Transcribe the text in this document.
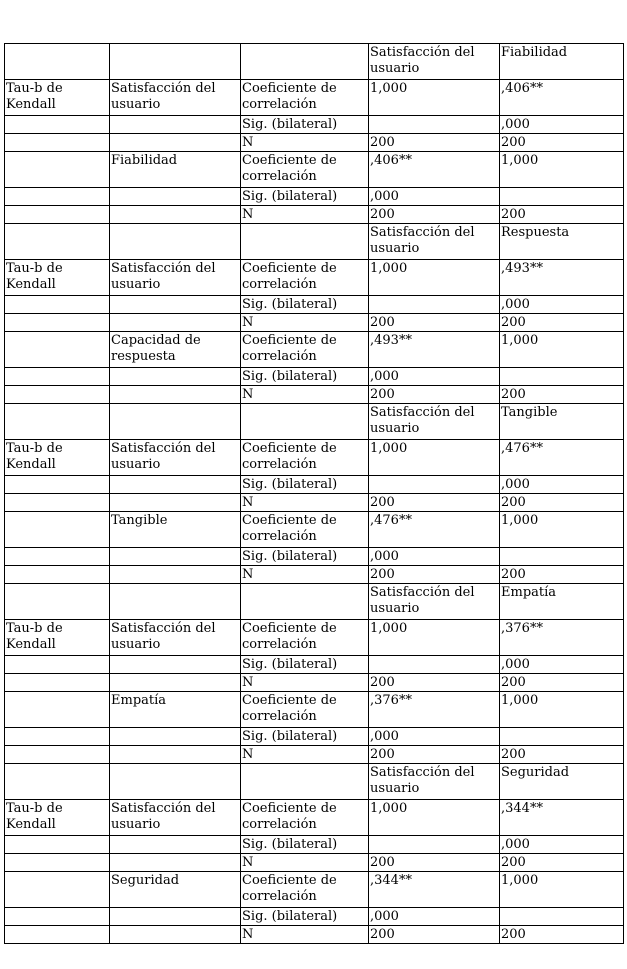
			Satisfacción del usuario	Fiabilidad
Tau-b de Kendall	Satisfacción del usuario	Coeficiente de correlación	1,000	,406**
		Sig. (bilateral)		,000
		N	200	200
	Fiabilidad	Coeficiente de correlación	,406**	1,000
		Sig. (bilateral)	,000	
		N	200	200
			Satisfacción del usuario	Respuesta
Tau-b de Kendall	Satisfacción del usuario	Coeficiente de correlación	1,000	,493**
		Sig. (bilateral)		,000
		N	200	200
	Capacidad de respuesta	Coeficiente de correlación	,493**	1,000
		Sig. (bilateral)	,000	
		N	200	200
			Satisfacción del usuario	Tangible
Tau-b de Kendall	Satisfacción del usuario	Coeficiente de correlación	1,000	,476**
		Sig. (bilateral)		,000
		N	200	200
	Tangible	Coeficiente de correlación	,476**	1,000
		Sig. (bilateral)	,000	
		N	200	200
			Satisfacción del usuario	Empatía
Tau-b de Kendall	Satisfacción del usuario	Coeficiente de correlación	1,000	,376**
		Sig. (bilateral)		,000
		N	200	200
	Empatía	Coeficiente de correlación	,376**	1,000
		Sig. (bilateral)	,000	
		N	200	200
			Satisfacción del usuario	Seguridad
Tau-b de Kendall	Satisfacción del usuario	Coeficiente de correlación	1,000	,344**
		Sig. (bilateral)		,000
		N	200	200
	Seguridad	Coeficiente de correlación	,344**	1,000
		Sig. (bilateral)	,000	
		N	200	200
